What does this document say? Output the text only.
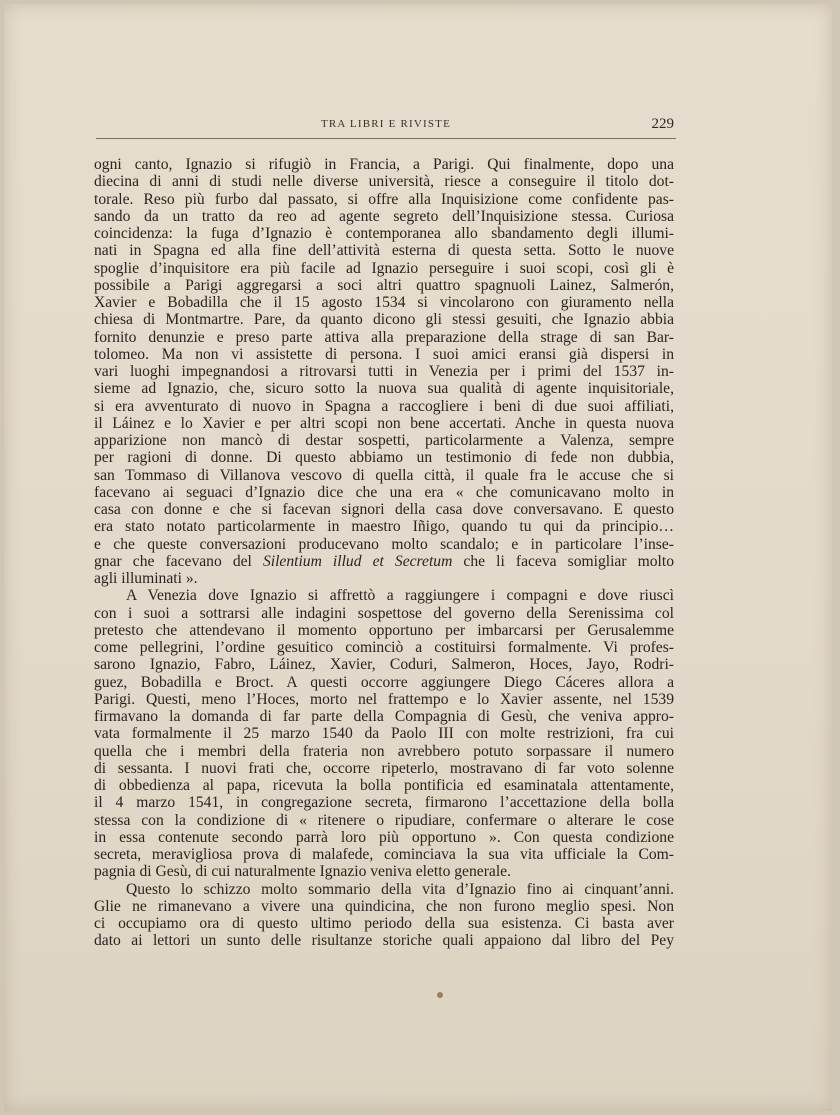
TRA LIBRI E RIVISTE	229
ogni canto, Ignazio si rifugiò in Francia, a Parigi. Qui finalmente, dopo una
diecina di anni di studi nelle diverse università, riesce a conseguire il titolo dot-
torale. Reso più furbo dal passato, si offre alla Inquisizione come confidente pas-
sando da un tratto da reo ad agente segreto dell’Inquisizione stessa. Curiosa
coincidenza: la fuga d’Ignazio è contemporanea allo sbandamento degli illumi-
nati in Spagna ed alla fine dell’attività esterna di questa setta. Sotto le nuove
spoglie d’inquisitore era più facile ad Ignazio perseguire i suoi scopi, così gli è
possibile a Parigi aggregarsi a soci altri quattro spagnuoli Lainez, Salmerón,
Xavier e Bobadilla che il 15 agosto 1534 si vincolarono con giuramento nella
chiesa di Montmartre. Pare, da quanto dicono gli stessi gesuiti, che Ignazio abbia
fornito denunzie e preso parte attiva alla preparazione della strage di san Bar-
tolomeo. Ma non vi assistette di persona. I suoi amici eransi già dispersi in
vari luoghi impegnandosi a ritrovarsi tutti in Venezia per i primi del 1537 in-
sieme ad Ignazio, che, sicuro sotto la nuova sua qualità di agente inquisitoriale,
si era avventurato di nuovo in Spagna a raccogliere i beni di due suoi affiliati,
il Láinez e lo Xavier e per altri scopi non bene accertati. Anche in questa nuova
apparizione non mancò di destar sospetti, particolarmente a Valenza, sempre
per ragioni di donne. Di questo abbiamo un testimonio di fede non dubbia,
san Tommaso di Villanova vescovo di quella città, il quale fra le accuse che si
facevano ai seguaci d’Ignazio dice che una era « che comunicavano molto in
casa con donne e che si facevan signori della casa dove conversavano. E questo
era stato notato particolarmente in maestro Iñigo, quando tu qui da principio…
e che queste conversazioni producevano molto scandalo; e in particolare l’inse-
gnar che facevano del Silentium illud et Secretum che li faceva somigliar molto
agli illuminati ».
A Venezia dove Ignazio si affrettò a raggiungere i compagni e dove riuscì
con i suoi a sottrarsi alle indagini sospettose del governo della Serenissima col
pretesto che attendevano il momento opportuno per imbarcarsi per Gerusalemme
come pellegrini, l’ordine gesuitico cominciò a costituirsi formalmente. Vi profes-
sarono Ignazio, Fabro, Láinez, Xavier, Coduri, Salmeron, Hoces, Jayo, Rodri-
guez, Bobadilla e Broct. A questi occorre aggiungere Diego Cáceres allora a
Parigi. Questi, meno l’Hoces, morto nel frattempo e lo Xavier assente, nel 1539
firmavano la domanda di far parte della Compagnia di Gesù, che veniva appro-
vata formalmente il 25 marzo 1540 da Paolo III con molte restrizioni, fra cui
quella che i membri della frateria non avrebbero potuto sorpassare il numero
di sessanta. I nuovi frati che, occorre ripeterlo, mostravano di far voto solenne
di obbedienza al papa, ricevuta la bolla pontificia ed esaminatala attentamente,
il 4 marzo 1541, in congregazione secreta, firmarono l’accettazione della bolla
stessa con la condizione di « ritenere o ripudiare, confermare o alterare le cose
in essa contenute secondo parrà loro più opportuno ». Con questa condizione
secreta, meravigliosa prova di malafede, cominciava la sua vita ufficiale la Com-
pagnia di Gesù, di cui naturalmente Ignazio veniva eletto generale.
Questo lo schizzo molto sommario della vita d’Ignazio fino ai cinquant’anni.
Glie ne rimanevano a vivere una quindicina, che non furono meglio spesi. Non
ci occupiamo ora di questo ultimo periodo della sua esistenza. Ci basta aver
dato ai lettori un sunto delle risultanze storiche quali appaiono dal libro del Pey
